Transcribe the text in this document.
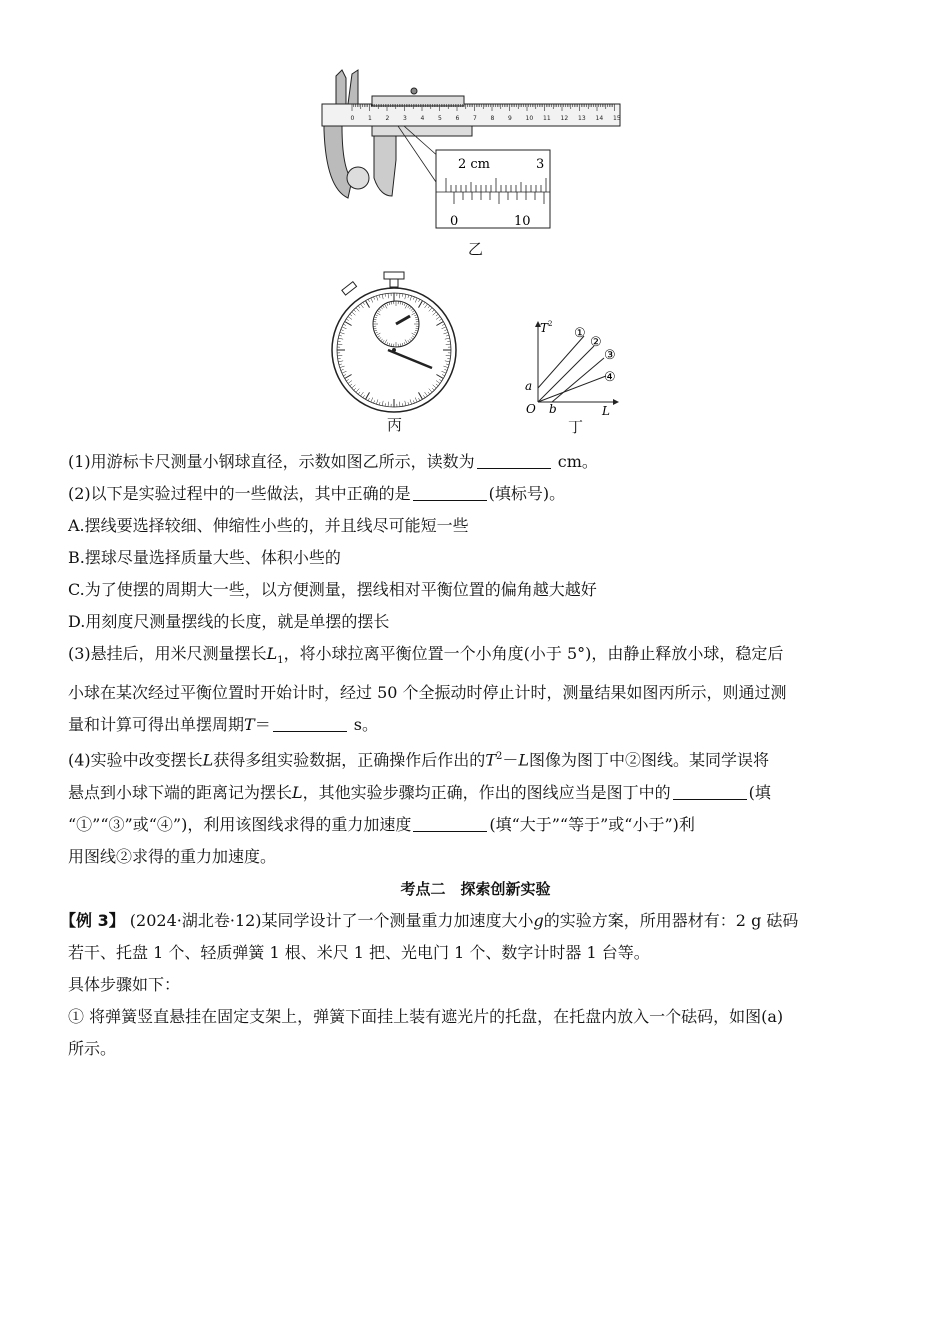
0 1 2 3 4 5 6 7 8 9 10 11 12 13 14 15
2 cm	3
0	10
乙
丙
T 2
L
O
a
b
①
②
③
④
丁
(1)用游标卡尺测量小钢球直径，示数如图乙所示，读数为	cm。
(2)以下是实验过程中的一些做法，其中正确的是	(填标号)。
A.摆线要选择较细、伸缩性小些的，并且线尽可能短一些
B.摆球尽量选择质量大些、体积小些的
C.为了使摆的周期大一些，以方便测量，摆线相对平衡位置的偏角越大越好
D.用刻度尺测量摆线的长度，就是单摆的摆长
(3)悬挂后，用米尺测量摆长$L_1$，将小球拉离平衡位置一个小角度(小于 5°)，由静止释放小球，稳定后
小球在某次经过平衡位置时开始计时，经过 50 个全振动时停止计时，测量结果如图丙所示，则通过测
量和计算可得出单摆周期T＝	s。
(4)实验中改变摆长L获得多组实验数据，正确操作后作出的$T^2-L$图像为图丁中②图线。某同学误将
悬点到小球下端的距离记为摆长L，其他实验步骤均正确，作出的图线应当是图丁中的	(填
“①”“③”或“④”)，利用该图线求得的重力加速度	(填“大于”“等于”或“小于”)利
用图线②求得的重力加速度。
考点二　探索创新实验
【例 3】 (2024·湖北卷·12)某同学设计了一个测量重力加速度大小g的实验方案，所用器材有：2 g 砝码
若干、托盘 1 个、轻质弹簧 1 根、米尺 1 把、光电门 1 个、数字计时器 1 台等。
具体步骤如下：
① 将弹簧竖直悬挂在固定支架上，弹簧下面挂上装有遮光片的托盘，在托盘内放入一个砝码，如图(a)
所示。
